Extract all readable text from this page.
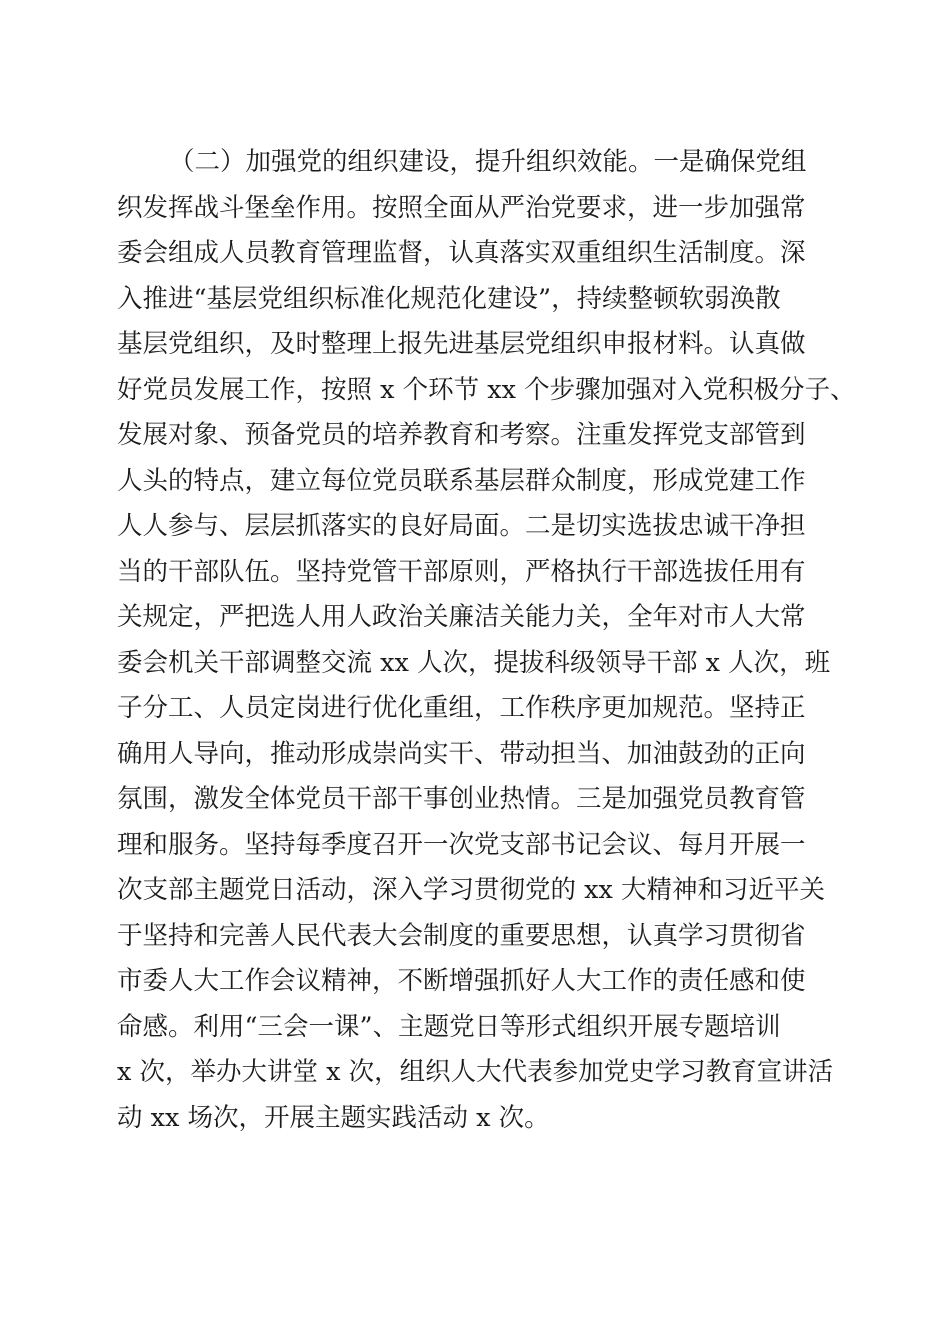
（二）加强党的组织建设，提升组织效能。一是确保党组
织发挥战斗堡垒作用。按照全面从严治党要求，进一步加强常
委会组成人员教育管理监督，认真落实双重组织生活制度。深
入推进“基层党组织标准化规范化建设”，持续整顿软弱涣散
基层党组织，及时整理上报先进基层党组织申报材料。认真做
好党员发展工作，按照 x 个环节 xx 个步骤加强对入党积极分子、
发展对象、预备党员的培养教育和考察。注重发挥党支部管到
人头的特点，建立每位党员联系基层群众制度，形成党建工作
人人参与、层层抓落实的良好局面。二是切实选拔忠诚干净担
当的干部队伍。坚持党管干部原则，严格执行干部选拔任用有
关规定，严把选人用人政治关廉洁关能力关，全年对市人大常
委会机关干部调整交流 xx 人次，提拔科级领导干部 x 人次，班
子分工、人员定岗进行优化重组，工作秩序更加规范。坚持正
确用人导向，推动形成崇尚实干、带动担当、加油鼓劲的正向
氛围，激发全体党员干部干事创业热情。三是加强党员教育管
理和服务。坚持每季度召开一次党支部书记会议、每月开展一
次支部主题党日活动，深入学习贯彻党的 xx 大精神和习近平关
于坚持和完善人民代表大会制度的重要思想，认真学习贯彻省
市委人大工作会议精神，不断增强抓好人大工作的责任感和使
命感。利用“三会一课”、主题党日等形式组织开展专题培训
x 次，举办大讲堂 x 次，组织人大代表参加党史学习教育宣讲活
动 xx 场次，开展主题实践活动 x 次。
